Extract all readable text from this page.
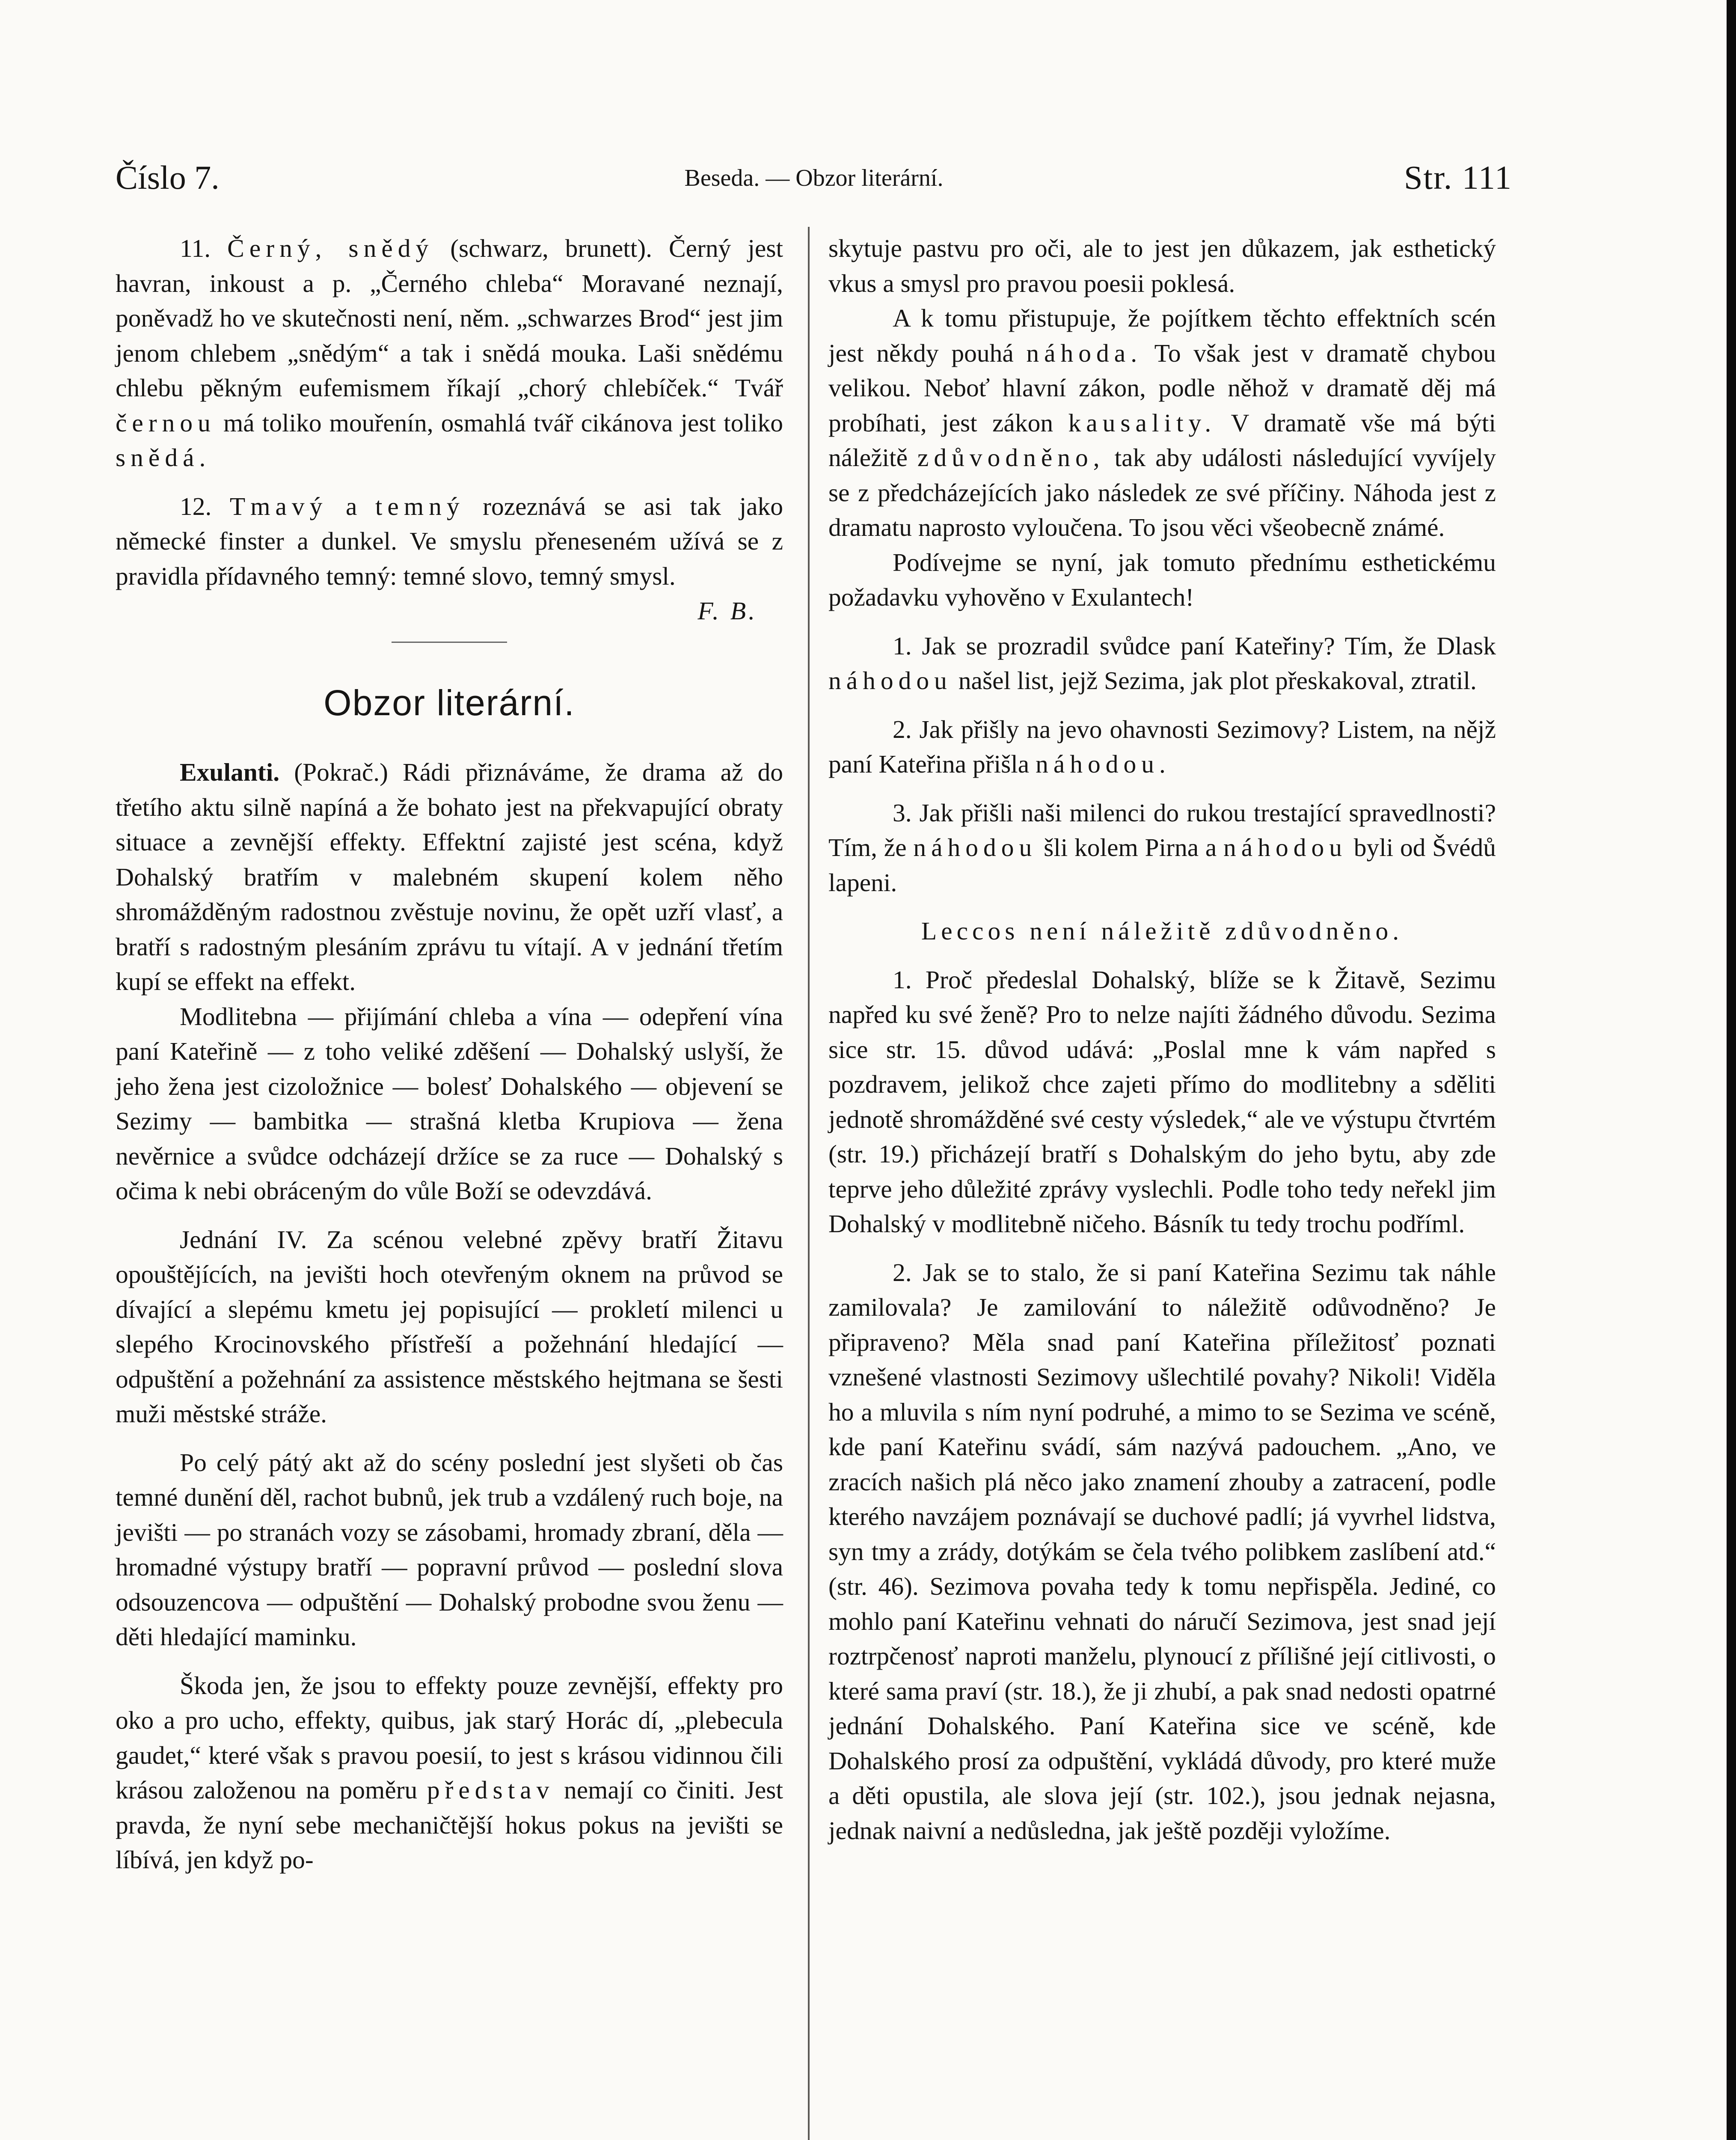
Číslo 7.	Beseda. — Obzor literární.	Str. 111

11. Černý, snědý (schwarz, brunett). Černý jest havran, inkoust a p. „Černého chleba“ Moravané neznají, poněvadž ho ve skutečnosti není, něm. „schwarzes Brod“ jest jim jenom chlebem „snědým“ a tak i snědá mouka. Laši snědému chlebu pěkným eufemismem říkají „chorý chlebíček.“ Tvář černou má toliko mouřenín, osmahlá tvář cikánova jest toliko snědá.

12. Tmavý a temný rozeznává se asi tak jako německé finster a dunkel. Ve smyslu přeneseném užívá se z pravidla přídavného temný: temné slovo, temný smysl.
F. B.

Obzor literární.

Exulanti. (Pokrač.) Rádi přiznáváme, že drama až do třetího aktu silně napíná a že bohato jest na překvapující obraty situace a zevnější effekty. Effektní zajisté jest scéna, když Dohalský bratřím v malebném skupení kolem něho shromážděným radostnou zvěstuje novinu, že opět uzří vlasť, a bratří s radostným plesáním zprávu tu vítají. A v jednání třetím kupí se effekt na effekt.

Modlitebna — přijímání chleba a vína — odepření vína paní Kateřině — z toho veliké zděšení — Dohalský uslyší, že jeho žena jest cizoložnice — bolesť Dohalského — objevení se Sezimy — bambitka — strašná kletba Krupiova — žena nevěrnice a svůdce odcházejí držíce se za ruce — Dohalský s očima k nebi obráceným do vůle Boží se odevzdává.

Jednání IV. Za scénou velebné zpěvy bratří Žitavu opouštějících, na jevišti hoch otevřeným oknem na průvod se dívající a slepému kmetu jej popisující — prokletí milenci u slepého Krocinovského přístřeší a požehnání hledající — odpuštění a požehnání za assistence městského hejtmana se šesti muži městské stráže.

Po celý pátý akt až do scény poslední jest slyšeti ob čas temné dunění děl, rachot bubnů, jek trub a vzdálený ruch boje, na jevišti — po stranách vozy se zásobami, hromady zbraní, děla — hromadné výstupy bratří — popravní průvod — poslední slova odsouzencova — odpuštění — Dohalský probodne svou ženu — děti hledající maminku.

Škoda jen, že jsou to effekty pouze zevnější, effekty pro oko a pro ucho, effekty, quibus, jak starý Horác dí, „plebecula gaudet,“ které však s pravou poesií, to jest s krásou vidinnou čili krásou založenou na poměru představ nemají co činiti. Jest pravda, že nyní sebe mechaničtější hokus pokus na jevišti se líbívá, jen když po-

skytuje pastvu pro oči, ale to jest jen důkazem, jak esthetický vkus a smysl pro pravou poesii poklesá.

A k tomu přistupuje, že pojítkem těchto effektních scén jest někdy pouhá náhoda. To však jest v dramatě chybou velikou. Neboť hlavní zákon, podle něhož v dramatě děj má probíhati, jest zákon kausality. V dramatě vše má býti náležitě zdůvodněno, tak aby události následující vyvíjely se z předcházejících jako následek ze své příčiny. Náhoda jest z dramatu naprosto vyloučena. To jsou věci všeobecně známé.

Podívejme se nyní, jak tomuto přednímu esthetickému požadavku vyhověno v Exulantech!

1. Jak se prozradil svůdce paní Kateřiny? Tím, že Dlask náhodou našel list, jejž Sezima, jak plot přeskakoval, ztratil.

2. Jak přišly na jevo ohavnosti Sezimovy? Listem, na nějž paní Kateřina přišla náhodou.

3. Jak přišli naši milenci do rukou trestající spravedlnosti? Tím, že náhodou šli kolem Pirna a náhodou byli od Švédů lapeni.

Leccos není náležitě zdůvodněno.

1. Proč předeslal Dohalský, blíže se k Žitavě, Sezimu napřed ku své ženě? Pro to nelze najíti žádného důvodu. Sezima sice str. 15. důvod udává: „Poslal mne k vám napřed s pozdravem, jelikož chce zajeti přímo do modlitebny a sděliti jednotě shromážděné své cesty výsledek,“ ale ve výstupu čtvrtém (str. 19.) přicházejí bratří s Dohalským do jeho bytu, aby zde teprve jeho důležité zprávy vyslechli. Podle toho tedy neřekl jim Dohalský v modlitebně ničeho. Básník tu tedy trochu podříml.

2. Jak se to stalo, že si paní Kateřina Sezimu tak náhle zamilovala? Je zamilování to náležitě odůvodněno? Je připraveno? Měla snad paní Kateřina příležitosť poznati vznešené vlastnosti Sezimovy ušlechtilé povahy? Nikoli! Viděla ho a mluvila s ním nyní podruhé, a mimo to se Sezima ve scéně, kde paní Kateřinu svádí, sám nazývá padouchem. „Ano, ve zracích našich plá něco jako znamení zhouby a zatracení, podle kterého navzájem poznávají se duchové padlí; já vyvrhel lidstva, syn tmy a zrády, dotýkám se čela tvého polibkem zaslíbení atd.“ (str. 46). Sezimova povaha tedy k tomu nepřispěla. Jediné, co mohlo paní Kateřinu vehnati do náručí Sezimova, jest snad její roztrpčenosť naproti manželu, plynoucí z přílišné její citlivosti, o které sama praví (str. 18.), že ji zhubí, a pak snad nedosti opatrné jednání Dohalského. Paní Kateřina sice ve scéně, kde Dohalského prosí za odpuštění, vykládá důvody, pro které muže a děti opustila, ale slova její (str. 102.), jsou jednak nejasna, jednak naivní a nedůsledna, jak ještě později vyložíme.
